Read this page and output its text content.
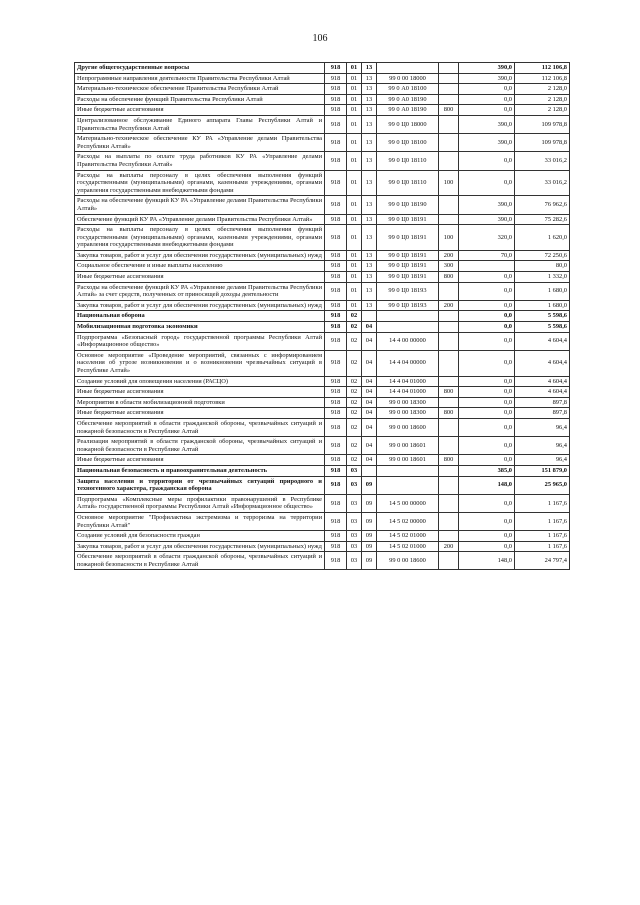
106
Другие общегосударственные вопросы	918	01	13			390,0	112 106,8
Непрограммные направления деятельности Правительства Республики Алтай	918	01	13	99 0 00 18000		390,0	112 106,8
Материально-техническое обеспечение Правительства Республики Алтай	918	01	13	99 0 А0 18100		0,0	2 128,0
Расходы на обеспечение функций Правительства Республики Алтай	918	01	13	99 0 А0 18190		0,0	2 128,0
Иные бюджетные ассигнования	918	01	13	99 0 А0 18190	800	0,0	2 128,0
Централизованное обслуживание Единого аппарата Главы Республики Алтай и Правительства Республики Алтай	918	01	13	99 0 Ц0 18000		390,0	109 978,8
Материально-техническое обеспечение КУ РА «Управление делами Правительства Республики Алтай»	918	01	13	99 0 Ц0 18100		390,0	109 978,8
Расходы на выплаты по оплате труда работников КУ РА «Управление делами Правительства Республики Алтай»	918	01	13	99 0 Ц0 18110		0,0	33 016,2
Расходы на выплаты персоналу в целях обеспечения выполнения функций государственными (муниципальными) органами, казенными учреждениями, органами управления государственными внебюджетными фондами	918	01	13	99 0 Ц0 18110	100	0,0	33 016,2
Расходы на обеспечение функций КУ РА «Управление делами Правительства Республики Алтай»	918	01	13	99 0 Ц0 18190		390,0	76 962,6
Обеспечение функций КУ РА «Управление делами Правительства Республики Алтай»	918	01	13	99 0 Ц0 18191		390,0	75 282,6
Расходы на выплаты персоналу в целях обеспечения выполнения функций государственными (муниципальными) органами, казенными учреждениями, органами управления государственными внебюджетными фондами	918	01	13	99 0 Ц0 18191	100	320,0	1 620,0
Закупка товаров, работ и услуг для обеспечения государственных (муниципальных) нужд	918	01	13	99 0 Ц0 18191	200	70,0	72 250,6
Социальное обеспечение и иные выплаты населению	918	01	13	99 0 Ц0 18191	300		80,0
Иные бюджетные ассигнования	918	01	13	99 0 Ц0 18191	800	0,0	1 332,0
Расходы на обеспечение функций КУ РА «Управление делами Правительства Республики Алтай» за счет средств, полученных от приносящей доходы деятельности	918	01	13	99 0 Ц0 18193		0,0	1 680,0
Закупка товаров, работ и услуг для обеспечения государственных (муниципальных) нужд	918	01	13	99 0 Ц0 18193	200	0,0	1 680,0
Национальная оборона	918	02				0,0	5 598,6
Мобилизационная подготовка экономики	918	02	04			0,0	5 598,6
Подпрограмма «Безопасный город» государственной программы Республики Алтай «Информационное общество»	918	02	04	14 4 00 00000		0,0	4 604,4
Основное мероприятие «Проведение мероприятий, связанных с информированием населения об угрозе возникновения и о возникновении чрезвычайных ситуаций в Республике Алтай»	918	02	04	14 4 04 00000		0,0	4 604,4
Создание условий для оповещения населения (РАСЦО)	918	02	04	14 4 04 01000		0,0	4 604,4
Иные бюджетные ассигнования	918	02	04	14 4 04 01000	800	0,0	4 604,4
Мероприятия в области мобилизационной подготовки	918	02	04	99 0 00 18300		0,0	897,8
Иные бюджетные ассигнования	918	02	04	99 0 00 18300	800	0,0	897,8
Обеспечение мероприятий в области гражданской обороны, чрезвычайных ситуаций и пожарной безопасности в Республике Алтай	918	02	04	99 0 00 18600		0,0	96,4
Реализация мероприятий в области гражданской обороны, чрезвычайных ситуаций и пожарной безопасности в Республике Алтай	918	02	04	99 0 00 18601		0,0	96,4
Иные бюджетные ассигнования	918	02	04	99 0 00 18601	800	0,0	96,4
Национальная безопасность и правоохранительная деятельность	918	03				385,0	151 879,0
Защита населения и территории от чрезвычайных ситуаций природного и техногенного характера, гражданская оборона	918	03	09			148,0	25 965,0
Подпрограмма «Комплексные меры профилактики правонарушений в Республике Алтай» государственной программы Республики Алтай «Информационное общество»	918	03	09	14 5 00 00000		0,0	1 167,6
Основное мероприятие "Профилактика экстремизма и терроризма на территории Республики Алтай"	918	03	09	14 5 02 00000		0,0	1 167,6
Создание условий для безопасности граждан	918	03	09	14 5 02 01000		0,0	1 167,6
Закупка товаров, работ и услуг для обеспечения государственных (муниципальных) нужд	918	03	09	14 5 02 01000	200	0,0	1 167,6
Обеспечение мероприятий в области гражданской обороны, чрезвычайных ситуаций и пожарной безопасности в Республике Алтай	918	03	09	99 0 00 18600		148,0	24 797,4
